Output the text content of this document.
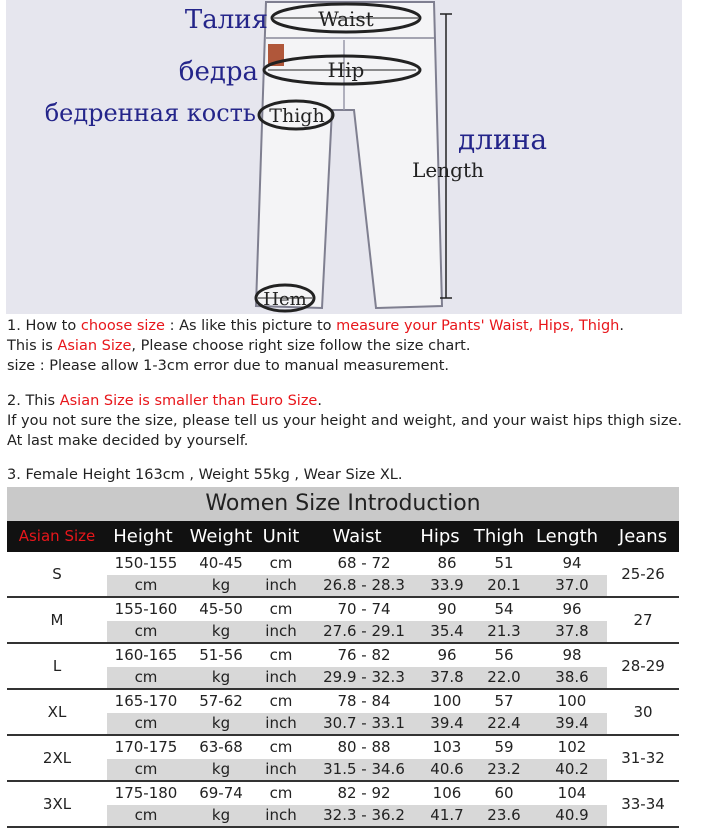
Waist
Hip
Thigh
Length
Hem
Талия
бедра
бедренная кость
длина
1. How to choose size : As like this picture to measure your Pants' Waist, Hips, Thigh.
This is Asian Size, Please choose right size follow the size chart.
size : Please allow 1-3cm error due to manual measurement.
2. This Asian Size is smaller than Euro Size.
If you not sure the size, please tell us your height and weight, and your waist hips thigh size.
At last make decided by yourself.
3. Female Height 163cm , Weight 55kg , Wear Size XL.
Women Size Introduction
Asian Size Height Weight Unit	Waist	Hips Thigh Length	Jeans
S
150-155	40-45	cm	68 - 72	86	51	94
cm	kg	inch	26.8 - 28.3	33.9	20.1	37.0
25-26
M
155-160	45-50	cm	70 - 74	90	54	96
cm	kg	inch	27.6 - 29.1	35.4	21.3	37.8
27
L
160-165	51-56	cm	76 - 82	96	56	98
cm	kg	inch	29.9 - 32.3	37.8	22.0	38.6
28-29
XL
165-170	57-62	cm	78 - 84	100	57	100
cm	kg	inch	30.7 - 33.1	39.4	22.4	39.4
30
2XL
170-175	63-68	cm	80 - 88	103	59	102
cm	kg	inch	31.5 - 34.6	40.6	23.2	40.2
31-32
3XL
175-180	69-74	cm	82 - 92	106	60	104
cm	kg	inch	32.3 - 36.2	41.7	23.6	40.9
33-34
